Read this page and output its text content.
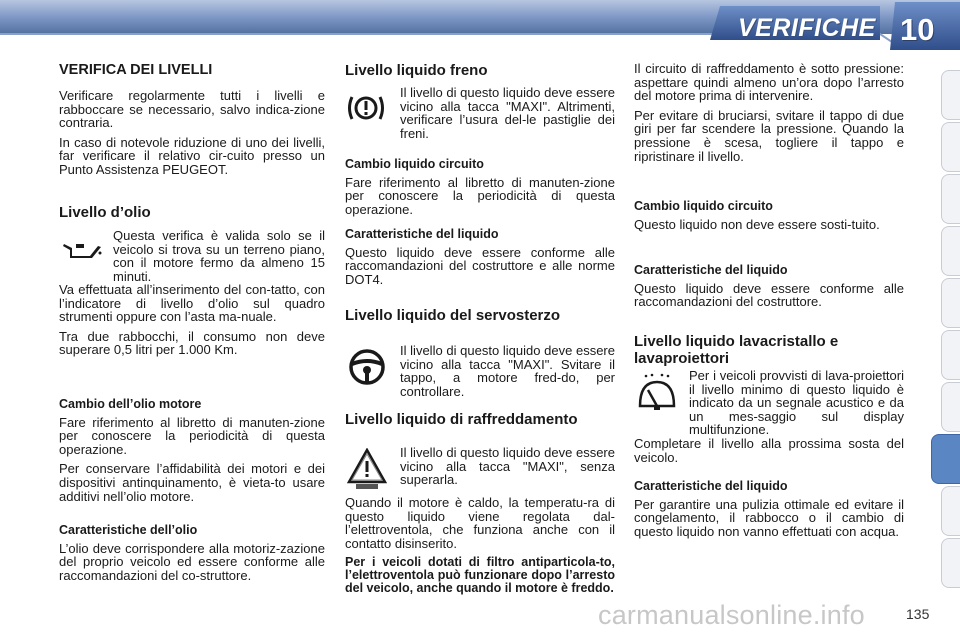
VERIFICHE 10
VERIFICA DEI LIVELLI

Verificare regolarmente tutti i livelli e rabboccare se necessario, salvo indica-zione contraria.

In caso di notevole riduzione di uno dei livelli, far verificare il relativo cir-cuito presso un Punto Assistenza PEUGEOT.

Livello d’olio
Questa verifica è valida solo se il veicolo si trova su un terreno piano, con il motore fermo da almeno 15 minuti.

Va effettuata all’inserimento del con-tatto, con l’indicatore di livello d’olio sul quadro strumenti oppure con l’asta ma-nuale.

Tra due rabbocchi, il consumo non deve superare 0,5 litri per 1.000 Km.

Cambio dell’olio motore

Fare riferimento al libretto di manuten-zione per conoscere la periodicità di questa operazione.

Per conservare l’affidabilità dei motori e dei dispositivi antinquinamento, è vieta-to usare additivi nell’olio motore.

Caratteristiche dell’olio

L’olio deve corrispondere alla motoriz-zazione del proprio veicolo ed essere conforme alle raccomandazioni del co-struttore.

Livello liquido freno
Il livello di questo liquido deve essere vicino alla tacca "MAXI". Altrimenti, verificare l’usura del-le pastiglie dei freni.
Cambio liquido circuito

Fare riferimento al libretto di manuten-zione per conoscere la periodicità di questa operazione.

Caratteristiche del liquido

Questo liquido deve essere conforme alle raccomandazioni del costruttore e alle norme DOT4.

Livello liquido del servosterzo
Il livello di questo liquido deve essere vicino alla tacca "MAXI". Svitare il tappo, a motore fred-do, per controllare.
Livello liquido di raffreddamento
Il livello di questo liquido deve essere vicino alla tacca "MAXI", senza superarla.

Quando il motore è caldo, la temperatu-ra di questo liquido viene regolata dal-l’elettroventola, che funziona anche con il contatto disinserito.

Per i veicoli dotati di filtro antiparticola-to, l’elettroventola può funzionare dopo l’arresto del veicolo, anche quando il motore è freddo.

Il circuito di raffreddamento è sotto pressione: aspettare quindi almeno un’ora dopo l’arresto del motore prima di intervenire.

Per evitare di bruciarsi, svitare il tappo di due giri per far scendere la pressione. Quando la pressione è scesa, togliere il tappo e ripristinare il livello.

Cambio liquido circuito

Questo liquido non deve essere sosti-tuito.

Caratteristiche del liquido

Questo liquido deve essere conforme alle raccomandazioni del costruttore.

Livello liquido lavacristallo e lavaproiettori
Per i veicoli provvisti di lava-proiettori il livello minimo di questo liquido è indicato da un segnale acustico e da un mes-saggio sul display multifunzione.

Completare il livello alla prossima sosta del veicolo.

Caratteristiche del liquido

Per garantire una pulizia ottimale ed evitare il congelamento, il rabbocco o il cambio di questo liquido non vanno effettuati con acqua.

carmanualsonline.info	135
